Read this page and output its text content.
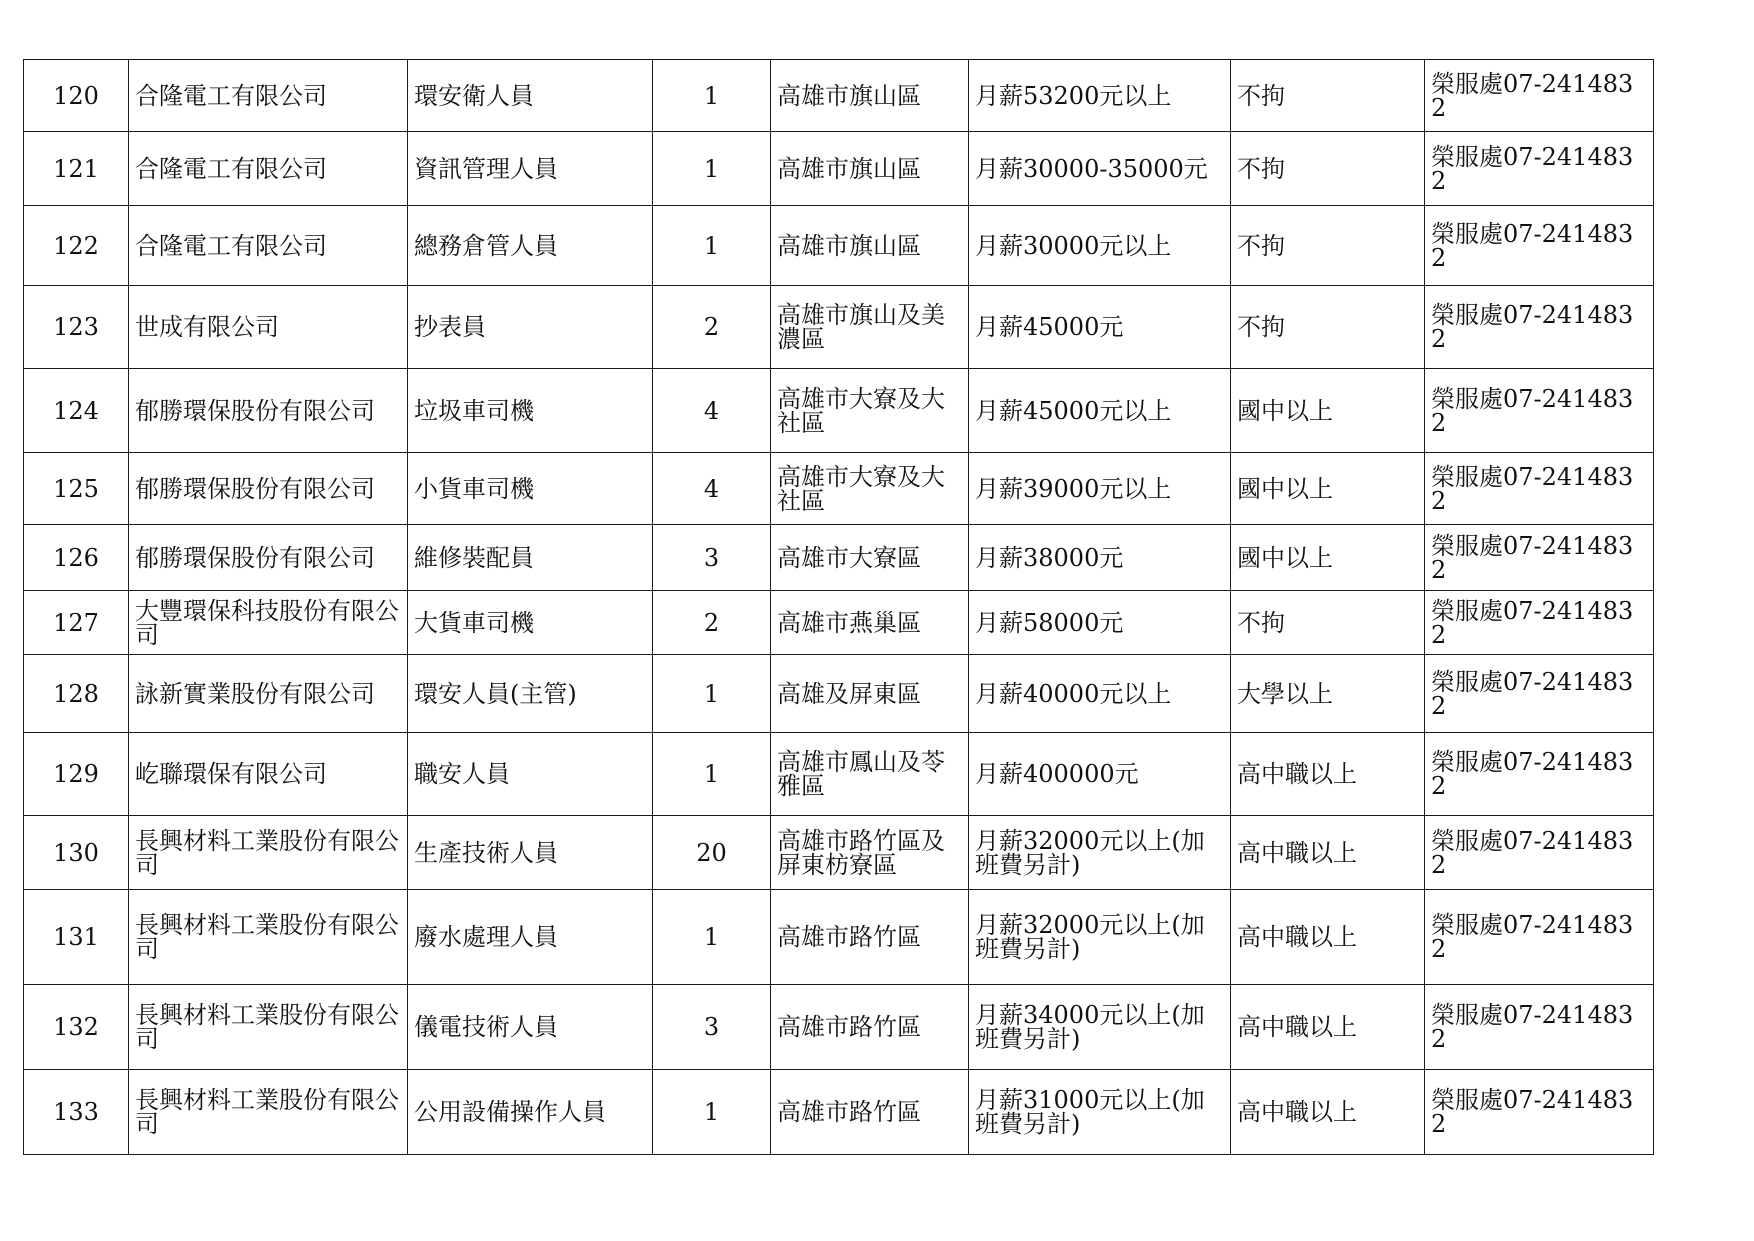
120	合隆電工有限公司	環安衛人員	1	高雄市旗山區	月薪53200元以上	不拘	榮服處07-2414832
121	合隆電工有限公司	資訊管理人員	1	高雄市旗山區	月薪30000-35000元	不拘	榮服處07-2414832
122	合隆電工有限公司	總務倉管人員	1	高雄市旗山區	月薪30000元以上	不拘	榮服處07-2414832
123	世成有限公司	抄表員	2	高雄市旗山及美濃區	月薪45000元	不拘	榮服處07-2414832
124	郁勝環保股份有限公司	垃圾車司機	4	高雄市大寮及大社區	月薪45000元以上	國中以上	榮服處07-2414832
125	郁勝環保股份有限公司	小貨車司機	4	高雄市大寮及大社區	月薪39000元以上	國中以上	榮服處07-2414832
126	郁勝環保股份有限公司	維修裝配員	3	高雄市大寮區	月薪38000元	國中以上	榮服處07-2414832
127	大豐環保科技股份有限公司	大貨車司機	2	高雄市燕巢區	月薪58000元	不拘	榮服處07-2414832
128	詠新實業股份有限公司	環安人員(主管)	1	高雄及屏東區	月薪40000元以上	大學以上	榮服處07-2414832
129	屹聯環保有限公司	職安人員	1	高雄市鳳山及苓雅區	月薪400000元	高中職以上	榮服處07-2414832
130	長興材料工業股份有限公司	生產技術人員	20	高雄市路竹區及屏東枋寮區	月薪32000元以上(加班費另計)	高中職以上	榮服處07-2414832
131	長興材料工業股份有限公司	廢水處理人員	1	高雄市路竹區	月薪32000元以上(加班費另計)	高中職以上	榮服處07-2414832
132	長興材料工業股份有限公司	儀電技術人員	3	高雄市路竹區	月薪34000元以上(加班費另計)	高中職以上	榮服處07-2414832
133	長興材料工業股份有限公司	公用設備操作人員	1	高雄市路竹區	月薪31000元以上(加班費另計)	高中職以上	榮服處07-2414832
